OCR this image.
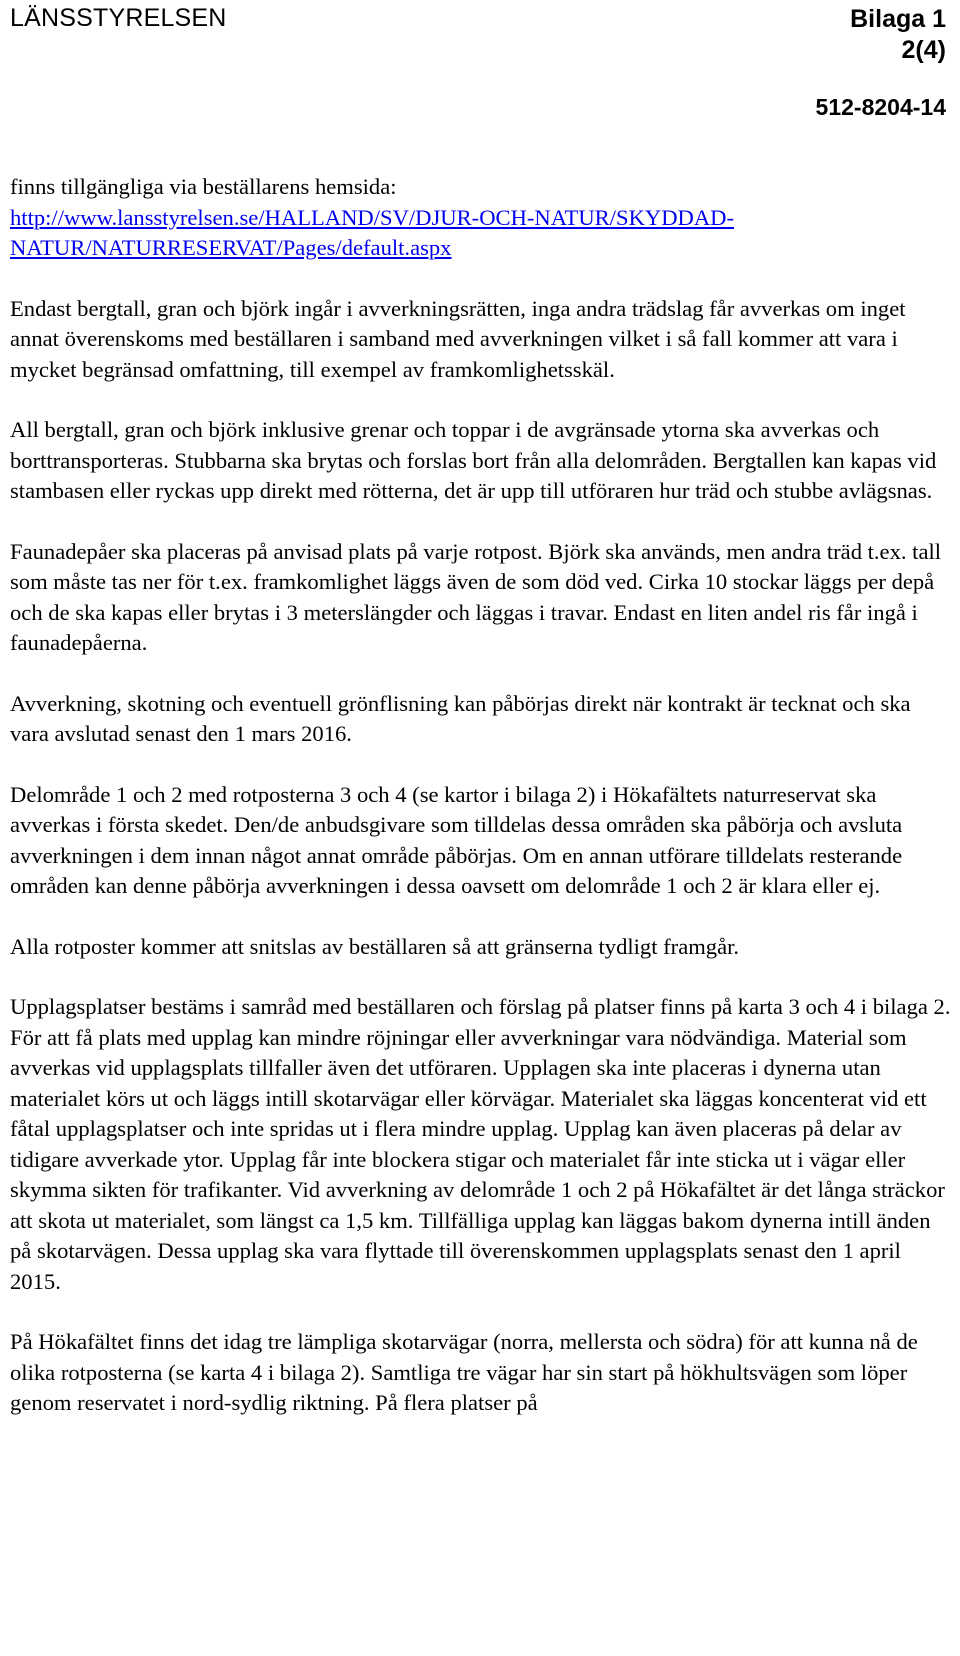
LÄNSSTYRELSEN	Bilaga 1
2(4)
512-8204-14

finns tillgängliga via beställarens hemsida:
http://www.lansstyrelsen.se/HALLAND/SV/DJUR-OCH-NATUR/SKYDDAD-
NATUR/NATURRESERVAT/Pages/default.aspx

Endast bergtall, gran och björk ingår i avverkningsrätten, inga andra trädslag får avverkas om inget annat överenskoms med beställaren i samband med avverkningen vilket i så fall kommer att vara i mycket begränsad omfattning, till exempel av framkomlighetsskäl.

All bergtall, gran och björk inklusive grenar och toppar i de avgränsade ytorna ska avverkas och borttransporteras. Stubbarna ska brytas och forslas bort från alla delområden. Bergtallen kan kapas vid stambasen eller ryckas upp direkt med rötterna, det är upp till utföraren hur träd och stubbe avlägsnas.

Faunadepåer ska placeras på anvisad plats på varje rotpost. Björk ska används, men andra träd t.ex. tall som måste tas ner för t.ex. framkomlighet läggs även de som död ved. Cirka 10 stockar läggs per depå och de ska kapas eller brytas i 3 meterslängder och läggas i travar. Endast en liten andel ris får ingå i faunadepåerna.

Avverkning, skotning och eventuell grönflisning kan påbörjas direkt när kontrakt är tecknat och ska vara avslutad senast den 1 mars 2016.

Delområde 1 och 2 med rotposterna 3 och 4 (se kartor i bilaga 2) i Hökafältets naturreservat ska avverkas i första skedet. Den/de anbudsgivare som tilldelas dessa områden ska påbörja och avsluta avverkningen i dem innan något annat område påbörjas. Om en annan utförare tilldelats resterande områden kan denne påbörja avverkningen i dessa oavsett om delområde 1 och 2 är klara eller ej.

Alla rotposter kommer att snitslas av beställaren så att gränserna tydligt framgår.

Upplagsplatser bestäms i samråd med beställaren och förslag på platser finns på karta 3 och 4 i bilaga 2. För att få plats med upplag kan mindre röjningar eller avverkningar vara nödvändiga. Material som avverkas vid upplagsplats tillfaller även det utföraren. Upplagen ska inte placeras i dynerna utan materialet körs ut och läggs intill skotarvägar eller körvägar. Materialet ska läggas koncenterat vid ett fåtal upplagsplatser och inte spridas ut i flera mindre upplag. Upplag kan även placeras på delar av tidigare avverkade ytor. Upplag får inte blockera stigar och materialet får inte sticka ut i vägar eller skymma sikten för trafikanter. Vid avverkning av delområde 1 och 2 på Hökafältet är det långa sträckor att skota ut materialet, som längst ca 1,5 km. Tillfälliga upplag kan läggas bakom dynerna intill änden på skotarvägen. Dessa upplag ska vara flyttade till överenskommen upplagsplats senast den 1 april 2015.

På Hökafältet finns det idag tre lämpliga skotarvägar (norra, mellersta och södra) för att kunna nå de olika rotposterna (se karta 4 i bilaga 2). Samtliga tre vägar har sin start på hökhultsvägen som löper genom reservatet i nord-sydlig riktning. På flera platser på
